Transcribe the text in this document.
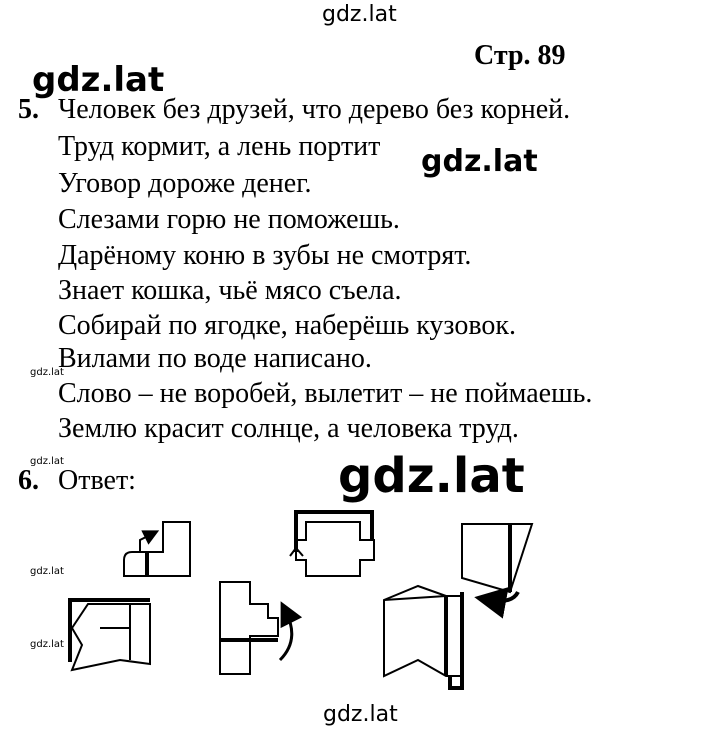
gdz.lat
gdz.lat
gdz.lat
gdz.lat
gdz.lat
gdz.lat
gdz.lat
gdz.lat
gdz.lat
Стр. 89
5. Человек без друзей, что дерево без корней.
Труд кормит, а лень портит
Уговор дороже денег.
Слезами горю не поможешь.
Дарёному коню в зубы не смотрят.
Знает кошка, чьё мясо съела.
Собирай по ягодке, наберёшь кузовок.
Вилами по воде написано.
Слово – не воробей, вылетит – не поймаешь.
Землю красит солнце, а человека труд.
6. Ответ:
